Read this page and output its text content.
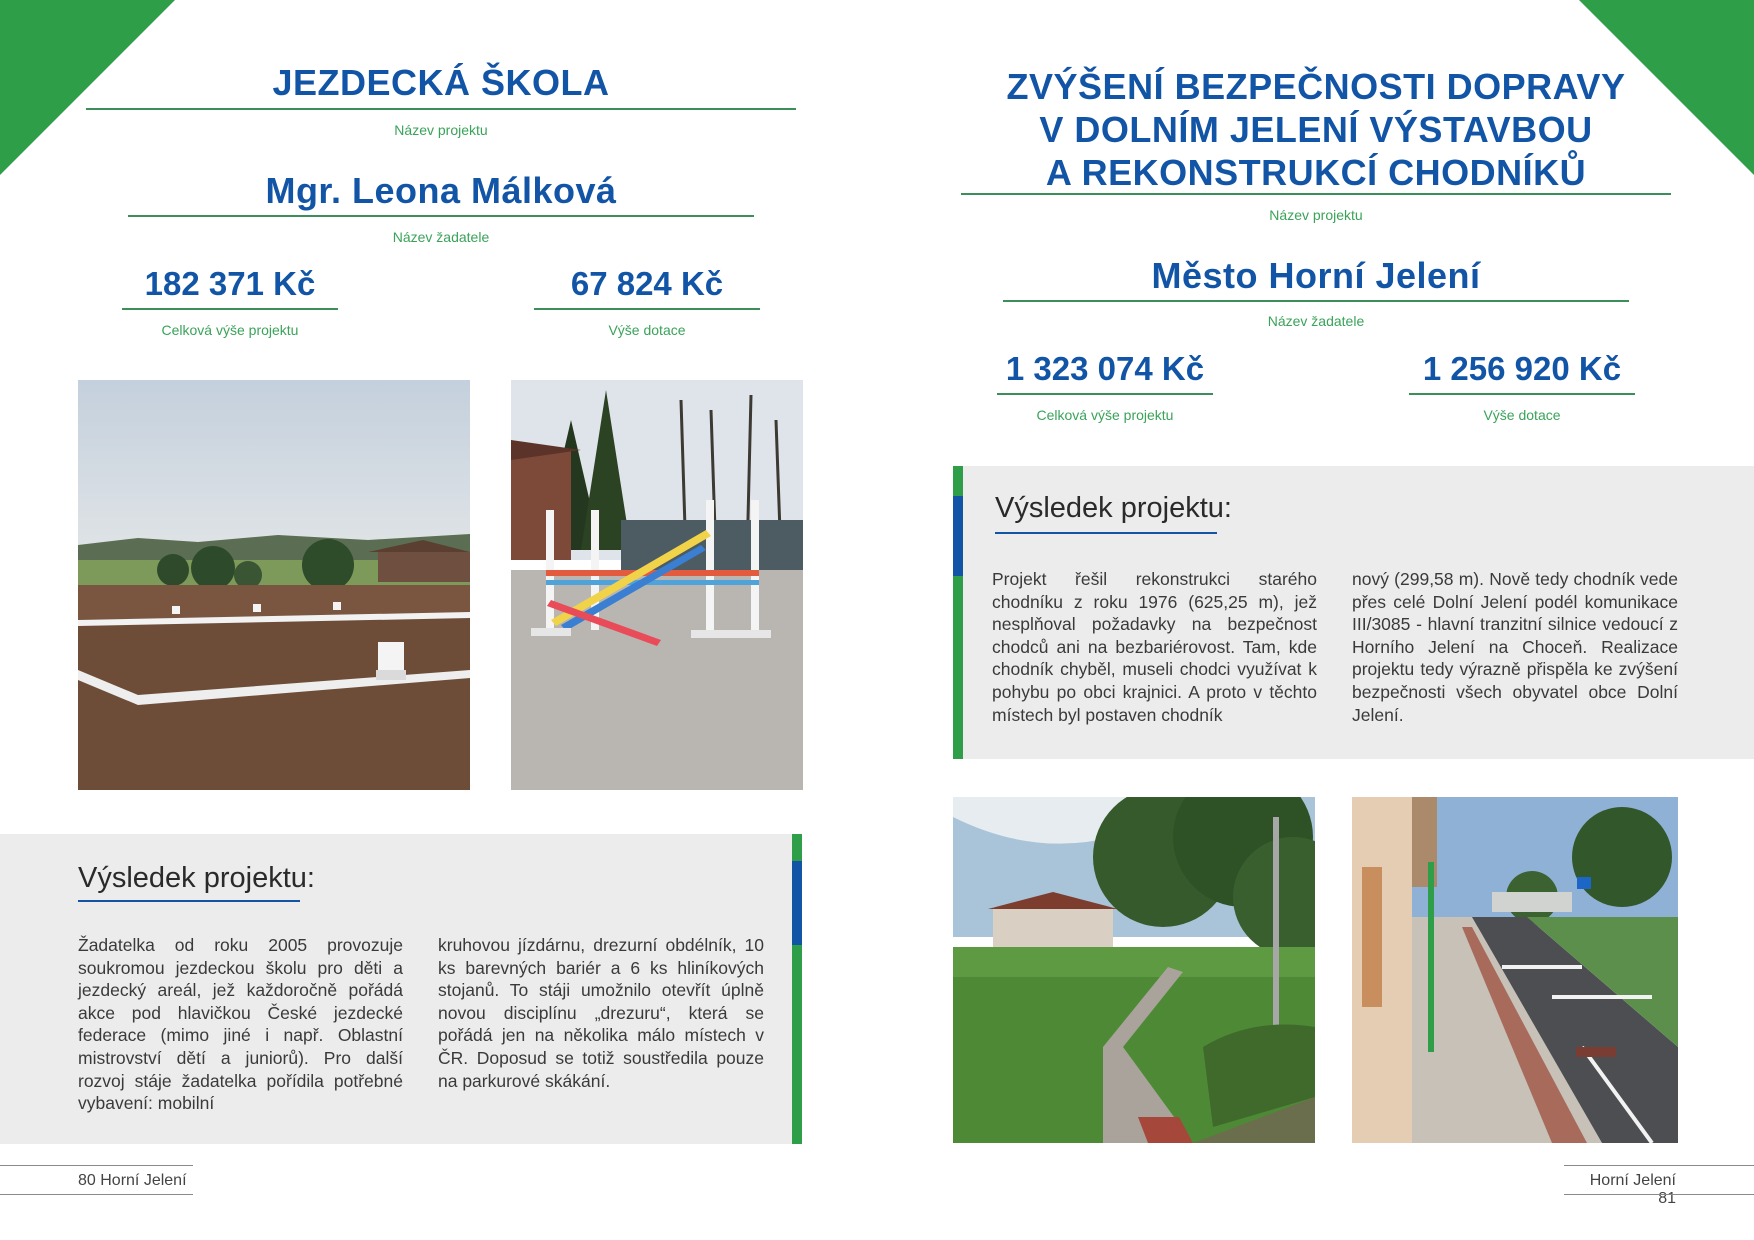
JEZDECKÁ ŠKOLA
Název projektu
Mgr. Leona Málková
Název žadatele
182 371 Kč
Celková výše projektu
67 824 Kč
Výše dotace
Výsledek projektu:
Žadatelka od roku 2005 provozuje soukromou jezdeckou školu pro děti a jezdecký areál, jež každoročně pořádá akce pod hlavičkou České jezdecké federace (mimo jiné i např. Oblastní mistrovství dětí a juniorů). Pro další rozvoj stáje žadatelka pořídila potřebné vybavení: mobilní
kruhovou jízdárnu, drezurní obdélník, 10 ks barevných bariér a 6 ks hliníkových stojanů. To stáji umožnilo otevřít úplně novou disciplínu „drezuru“, která se pořádá jen na několika málo místech v ČR. Doposud se totiž soustředila pouze na parkurové skákání.
80 Horní Jelení
ZVÝŠENÍ BEZPEČNOSTI DOPRAVY
V DOLNÍM JELENÍ VÝSTAVBOU
A REKONSTRUKCÍ CHODNÍKŮ
Název projektu
Město Horní Jelení
Název žadatele
1 323 074 Kč
Celková výše projektu
1 256 920 Kč
Výše dotace
Výsledek projektu:
Projekt řešil rekonstrukci starého chodníku z roku 1976 (625,25 m), jež nesplňoval požadavky na bezpečnost chodců ani na bezbariérovost. Tam, kde chodník chyběl, museli chodci využívat k pohybu po obci krajnici. A proto v těchto místech byl postaven chodník
nový (299,58 m). Nově tedy chodník vede přes celé Dolní Jelení podél komunikace III/3085 - hlavní tranzitní silnice vedoucí z Horního Jelení na Choceň. Realizace projektu tedy výrazně přispěla ke zvýšení bezpečnosti všech obyvatel obce Dolní Jelení.
Horní Jelení 81
